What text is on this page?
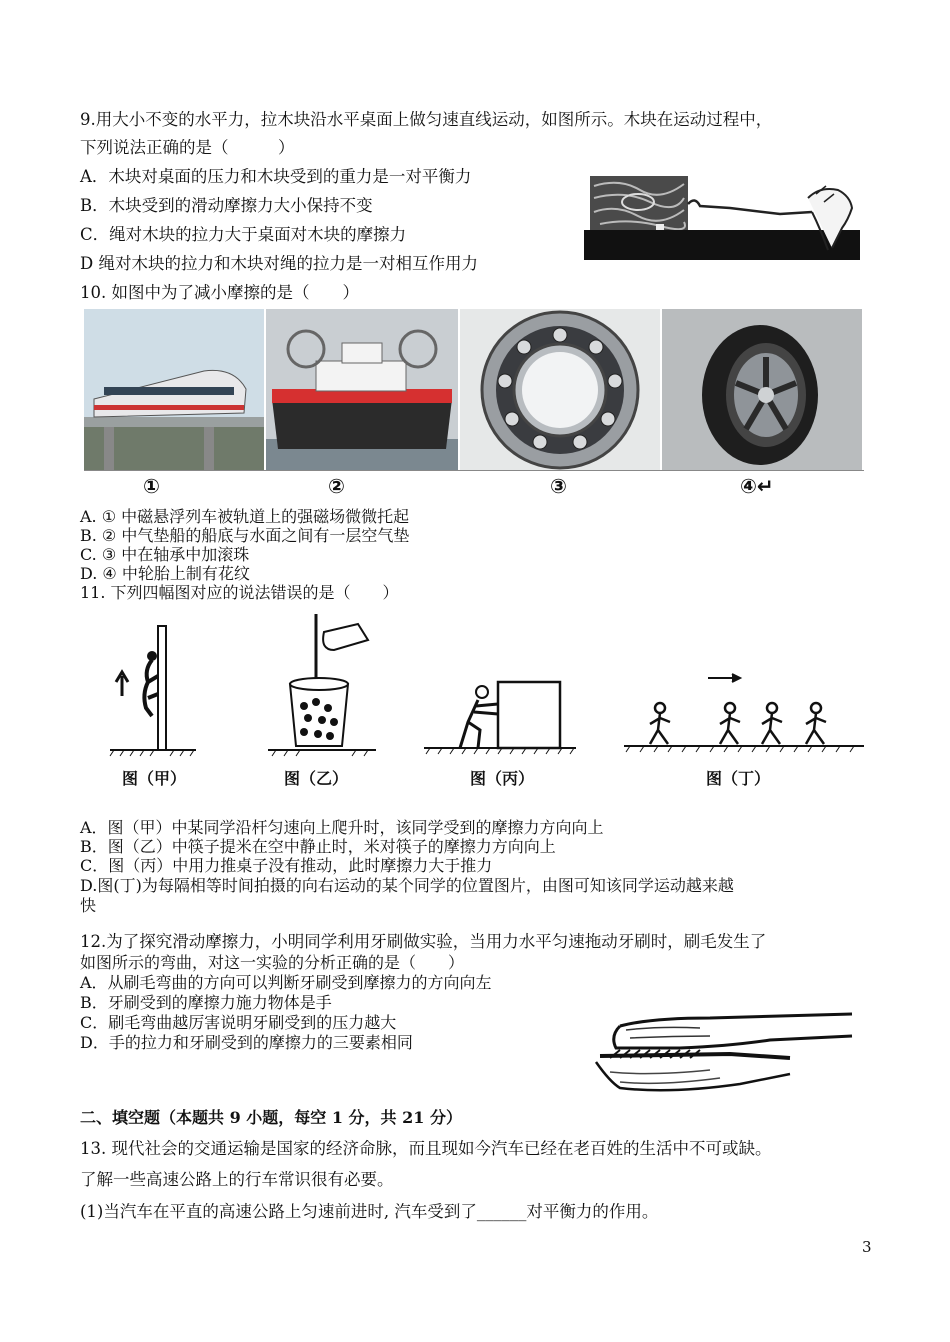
9.用大小不变的水平力，拉木块沿水平桌面上做匀速直线运动，如图所示。木块在运动过程中，
下列说法正确的是（　　　）
A．木块对桌面的压力和木块受到的重力是一对平衡力
B．木块受到的滑动摩擦力大小保持不变
C．绳对木块的拉力大于桌面对木块的摩擦力
D 绳对木块的拉力和木块对绳的拉力是一对相互作用力
10. 如图中为了减小摩擦的是（　　）
①	②	③	④↵
A. ① 中磁悬浮列车被轨道上的强磁场微微托起
B. ② 中气垫船的船底与水面之间有一层空气垫
C. ③ 中在轴承中加滚珠
D. ④ 中轮胎上制有花纹
11. 下列四幅图对应的说法错误的是（　　）
图（甲）	图（乙）	图（丙）	图（丁）
A．图（甲）中某同学沿杆匀速向上爬升时，该同学受到的摩擦力方向向上
B．图（乙）中筷子提米在空中静止时，米对筷子的摩擦力方向向上
C．图（丙）中用力推桌子没有推动，此时摩擦力大于推力
D.图(丁)为每隔相等时间拍摄的向右运动的某个同学的位置图片，由图可知该同学运动越来越
快
12.为了探究滑动摩擦力，小明同学利用牙刷做实验，当用力水平匀速拖动牙刷时，刷毛发生了
如图所示的弯曲，对这一实验的分析正确的是（　　）
A．从刷毛弯曲的方向可以判断牙刷受到摩擦力的方向向左
B．牙刷受到的摩擦力施力物体是手
C．刷毛弯曲越厉害说明牙刷受到的压力越大
D．手的拉力和牙刷受到的摩擦力的三要素相同
二、填空题（本题共 9 小题，每空 1 分，共 21 分）
13. 现代社会的交通运输是国家的经济命脉，而且现如今汽车已经在老百姓的生活中不可或缺。
了解一些高速公路上的行车常识很有必要。
(1)当汽车在平直的高速公路上匀速前进时, 汽车受到了______对平衡力的作用。
3
